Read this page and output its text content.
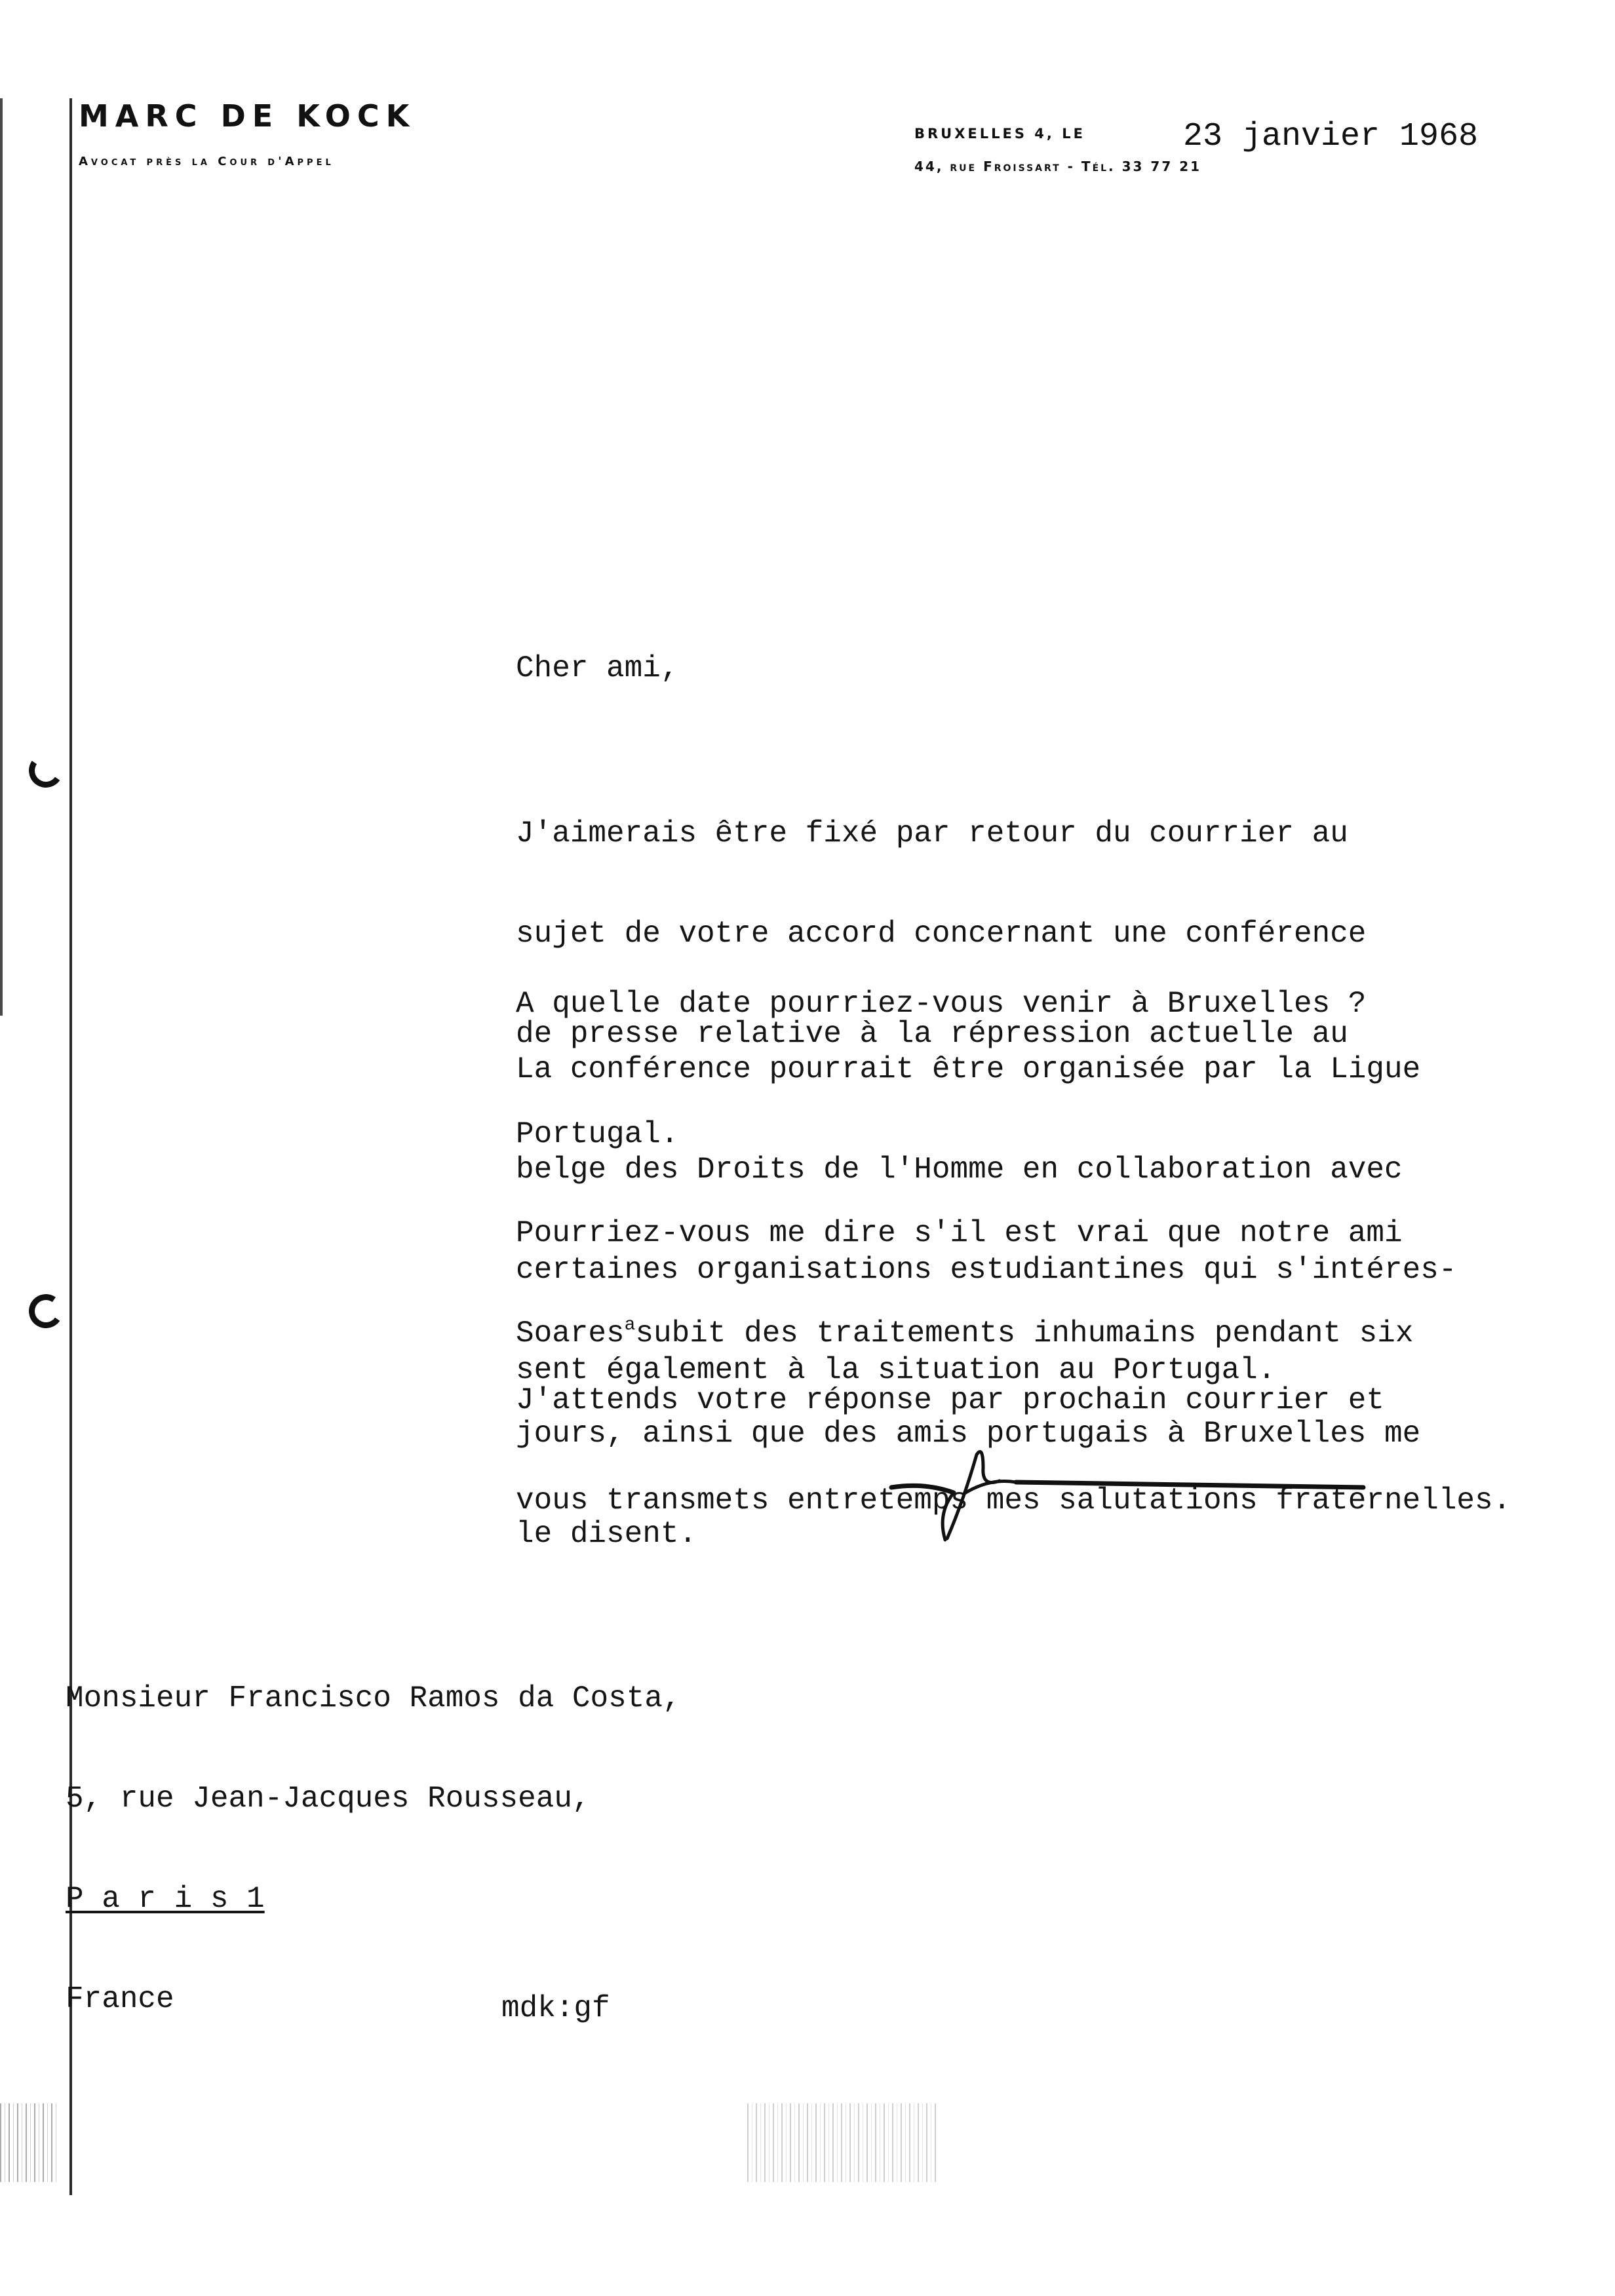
MARC DE KOCK
Avocat près la Cour d'Appel
BRUXELLES 4, LE	23 janvier 1968
44, rue Froissart - Tél. 33 77 21
Cher ami,

J'aimerais être fixé par retour du courrier au

sujet de votre accord concernant une conférence

de presse relative à la répression actuelle au

Portugal.

A quelle date pourriez-vous venir à Bruxelles ?

La conférence pourrait être organisée par la Ligue

belge des Droits de l'Homme en collaboration avec

certaines organisations estudiantines qui s'intéres-

sent également à la situation au Portugal.

Pourriez-vous me dire s'il est vrai que notre ami

Soares$^a$subit des traitements inhumains pendant six

jours, ainsi que des amis portugais à Bruxelles me

le disent.

J'attends votre réponse par prochain courrier et

vous transmets entretemps mes salutations fraternelles.

Monsieur Francisco Ramos da Costa,

5, rue Jean-Jacques Rousseau,

P a r i s 1

France

	mdk:gf
